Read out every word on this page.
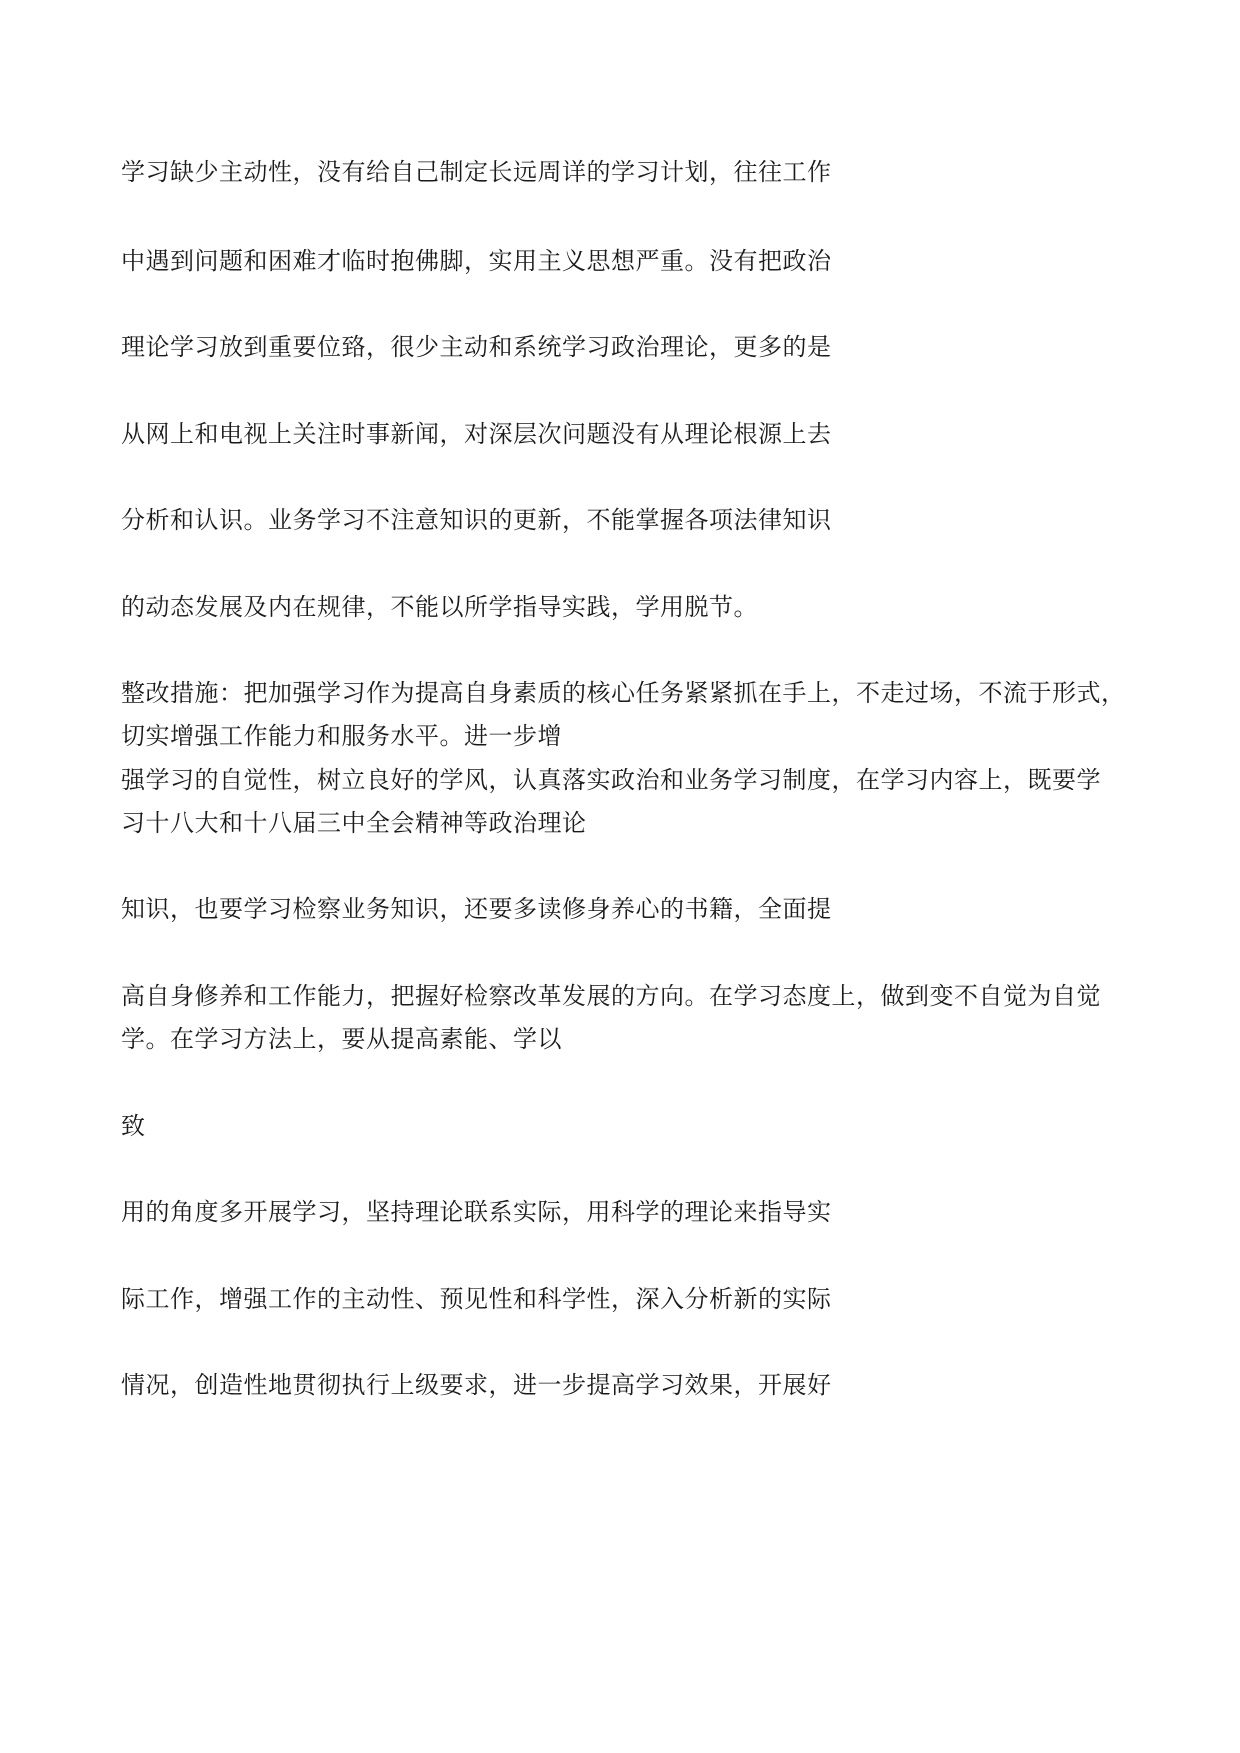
学习缺少主动性，没有给自己制定长远周详的学习计划，往往工作
中遇到问题和困难才临时抱佛脚，实用主义思想严重。没有把政治
理论学习放到重要位臵，很少主动和系统学习政治理论，更多的是
从网上和电视上关注时事新闻，对深层次问题没有从理论根源上去
分析和认识。业务学习不注意知识的更新，不能掌握各项法律知识
的动态发展及内在规律，不能以所学指导实践，学用脱节。
整改措施：把加强学习作为提高自身素质的核心任务紧紧抓在手上，不走过场，不流于形式，
切实增强工作能力和服务水平。进一步增
强学习的自觉性，树立良好的学风，认真落实政治和业务学习制度，在学习内容上，既要学
习十八大和十八届三中全会精神等政治理论
知识，也要学习检察业务知识，还要多读修身养心的书籍，全面提
高自身修养和工作能力，把握好检察改革发展的方向。在学习态度上，做到变不自觉为自觉
学。在学习方法上，要从提高素能、学以
致
用的角度多开展学习，坚持理论联系实际，用科学的理论来指导实
际工作，增强工作的主动性、预见性和科学性，深入分析新的实际
情况，创造性地贯彻执行上级要求，进一步提高学习效果，开展好
